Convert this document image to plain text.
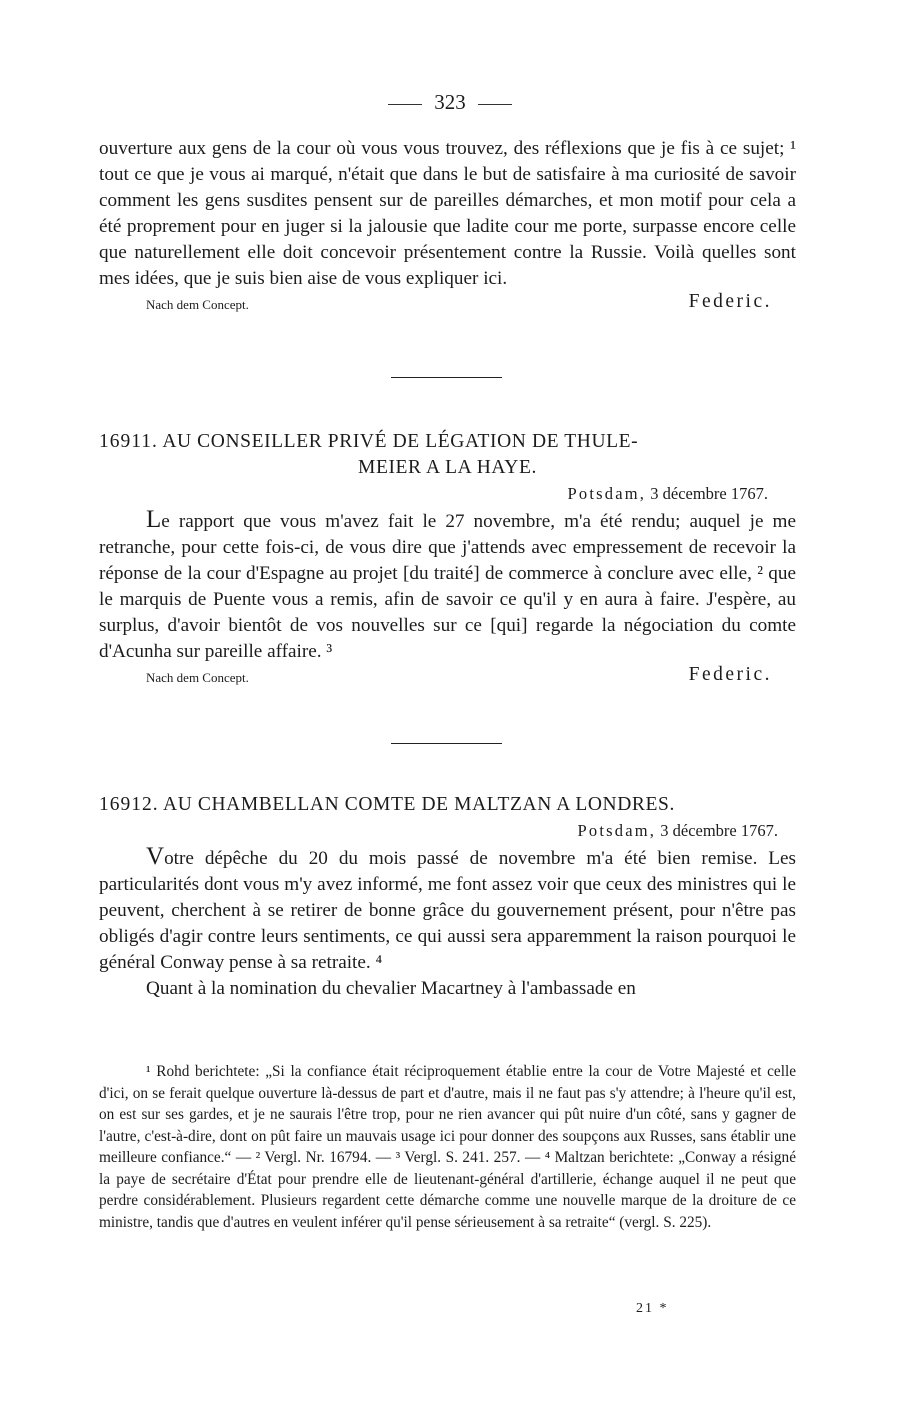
323
ouverture aux gens de la cour où vous vous trouvez, des réflexions que je fis à ce sujet; ¹ tout ce que je vous ai marqué, n'était que dans le but de satisfaire à ma curiosité de savoir comment les gens susdites pensent sur de pareilles démarches, et mon motif pour cela a été proprement pour en juger si la jalousie que ladite cour me porte, surpasse encore celle que naturellement elle doit concevoir présentement contre la Russie. Voilà quelles sont mes idées, que je suis bien aise de vous expliquer ici.
Nach dem Concept.	Federic.
16911. AU CONSEILLER PRIVÉ DE LÉGATION DE THULE-
MEIER A LA HAYE.
Potsdam, 3 décembre 1767.
Le rapport que vous m'avez fait le 27 novembre, m'a été rendu; auquel je me retranche, pour cette fois-ci, de vous dire que j'attends avec empressement de recevoir la réponse de la cour d'Espagne au projet [du traité] de commerce à conclure avec elle, ² que le marquis de Puente vous a remis, afin de savoir ce qu'il y en aura à faire. J'espère, au surplus, d'avoir bientôt de vos nouvelles sur ce [qui] regarde la négociation du comte d'Acunha sur pareille affaire. ³
Nach dem Concept.	Federic.
16912. AU CHAMBELLAN COMTE DE MALTZAN A LONDRES.
Potsdam, 3 décembre 1767.
Votre dépêche du 20 du mois passé de novembre m'a été bien remise. Les particularités dont vous m'y avez informé, me font assez voir que ceux des ministres qui le peuvent, cherchent à se retirer de bonne grâce du gouvernement présent, pour n'être pas obligés d'agir contre leurs sentiments, ce qui aussi sera apparemment la raison pourquoi le général Conway pense à sa retraite. ⁴
Quant à la nomination du chevalier Macartney à l'ambassade en

¹ Rohd berichtete: „Si la confiance était réciproquement établie entre la cour de Votre Majesté et celle d'ici, on se ferait quelque ouverture là-dessus de part et d'autre, mais il ne faut pas s'y attendre; à l'heure qu'il est, on est sur ses gardes, et je ne saurais l'être trop, pour ne rien avancer qui pût nuire d'un côté, sans y gagner de l'autre, c'est-à-dire, dont on pût faire un mauvais usage ici pour donner des soupçons aux Russes, sans établir une meilleure confiance.“ — ² Vergl. Nr. 16794. — ³ Vergl. S. 241. 257. — ⁴ Maltzan berichtete: „Conway a résigné la paye de secrétaire d'État pour prendre elle de lieutenant-général d'artillerie, échange auquel il ne peut que perdre considérablement. Plusieurs regardent cette démarche comme une nouvelle marque de la droiture de ce ministre, tandis que d'autres en veulent inférer qu'il pense sérieusement à sa retraite“ (vergl. S. 225).

21 *
